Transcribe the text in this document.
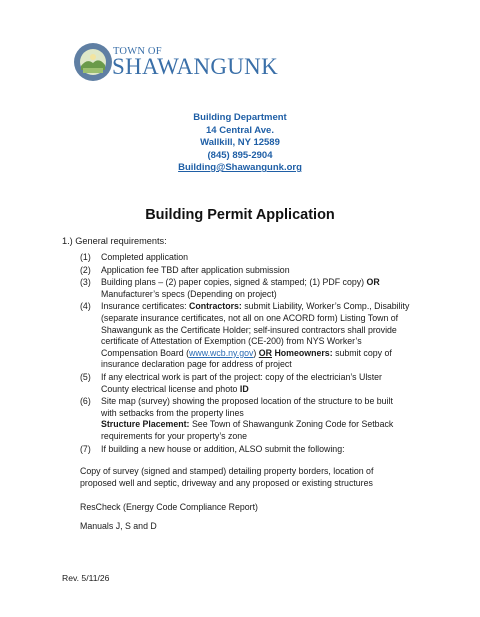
TOWN OF
SHAWANGUNK
Building Department
14 Central Ave.
Wallkill, NY 12589
(845) 895-2904
Building@Shawangunk.org
Building Permit Application
1.) General requirements:
(1)	Completed application
(2)	Application fee TBD after application submission
(3)	Building plans – (2) paper copies, signed & stamped; (1) PDF copy) OR
Manufacturer’s specs (Depending on project)
(4)	Insurance certificates: Contractors: submit Liability, Worker’s Comp., Disability (separate insurance certificates, not all on one ACORD form) Listing Town of Shawangunk as the Certificate Holder; self-insured contractors shall provide certificate of Attestation of Exemption (CE-200) from NYS Worker’s Compensation Board (www.wcb.ny.gov) OR Homeowners: submit copy of insurance declaration page for address of project
(5)	If any electrical work is part of the project: copy of the electrician’s Ulster County electrical license and photo ID
(6)	Site map (survey) showing the proposed location of the structure to be built with setbacks from the property lines
Structure Placement: See Town of Shawangunk Zoning Code for Setback requirements for your property’s zone
(7)	If building a new house or addition, ALSO submit the following:
Copy of survey (signed and stamped) detailing property borders, location of proposed well and septic, driveway and any proposed or existing structures
ResCheck (Energy Code Compliance Report)
Manuals J, S and D
Rev. 5/11/26
